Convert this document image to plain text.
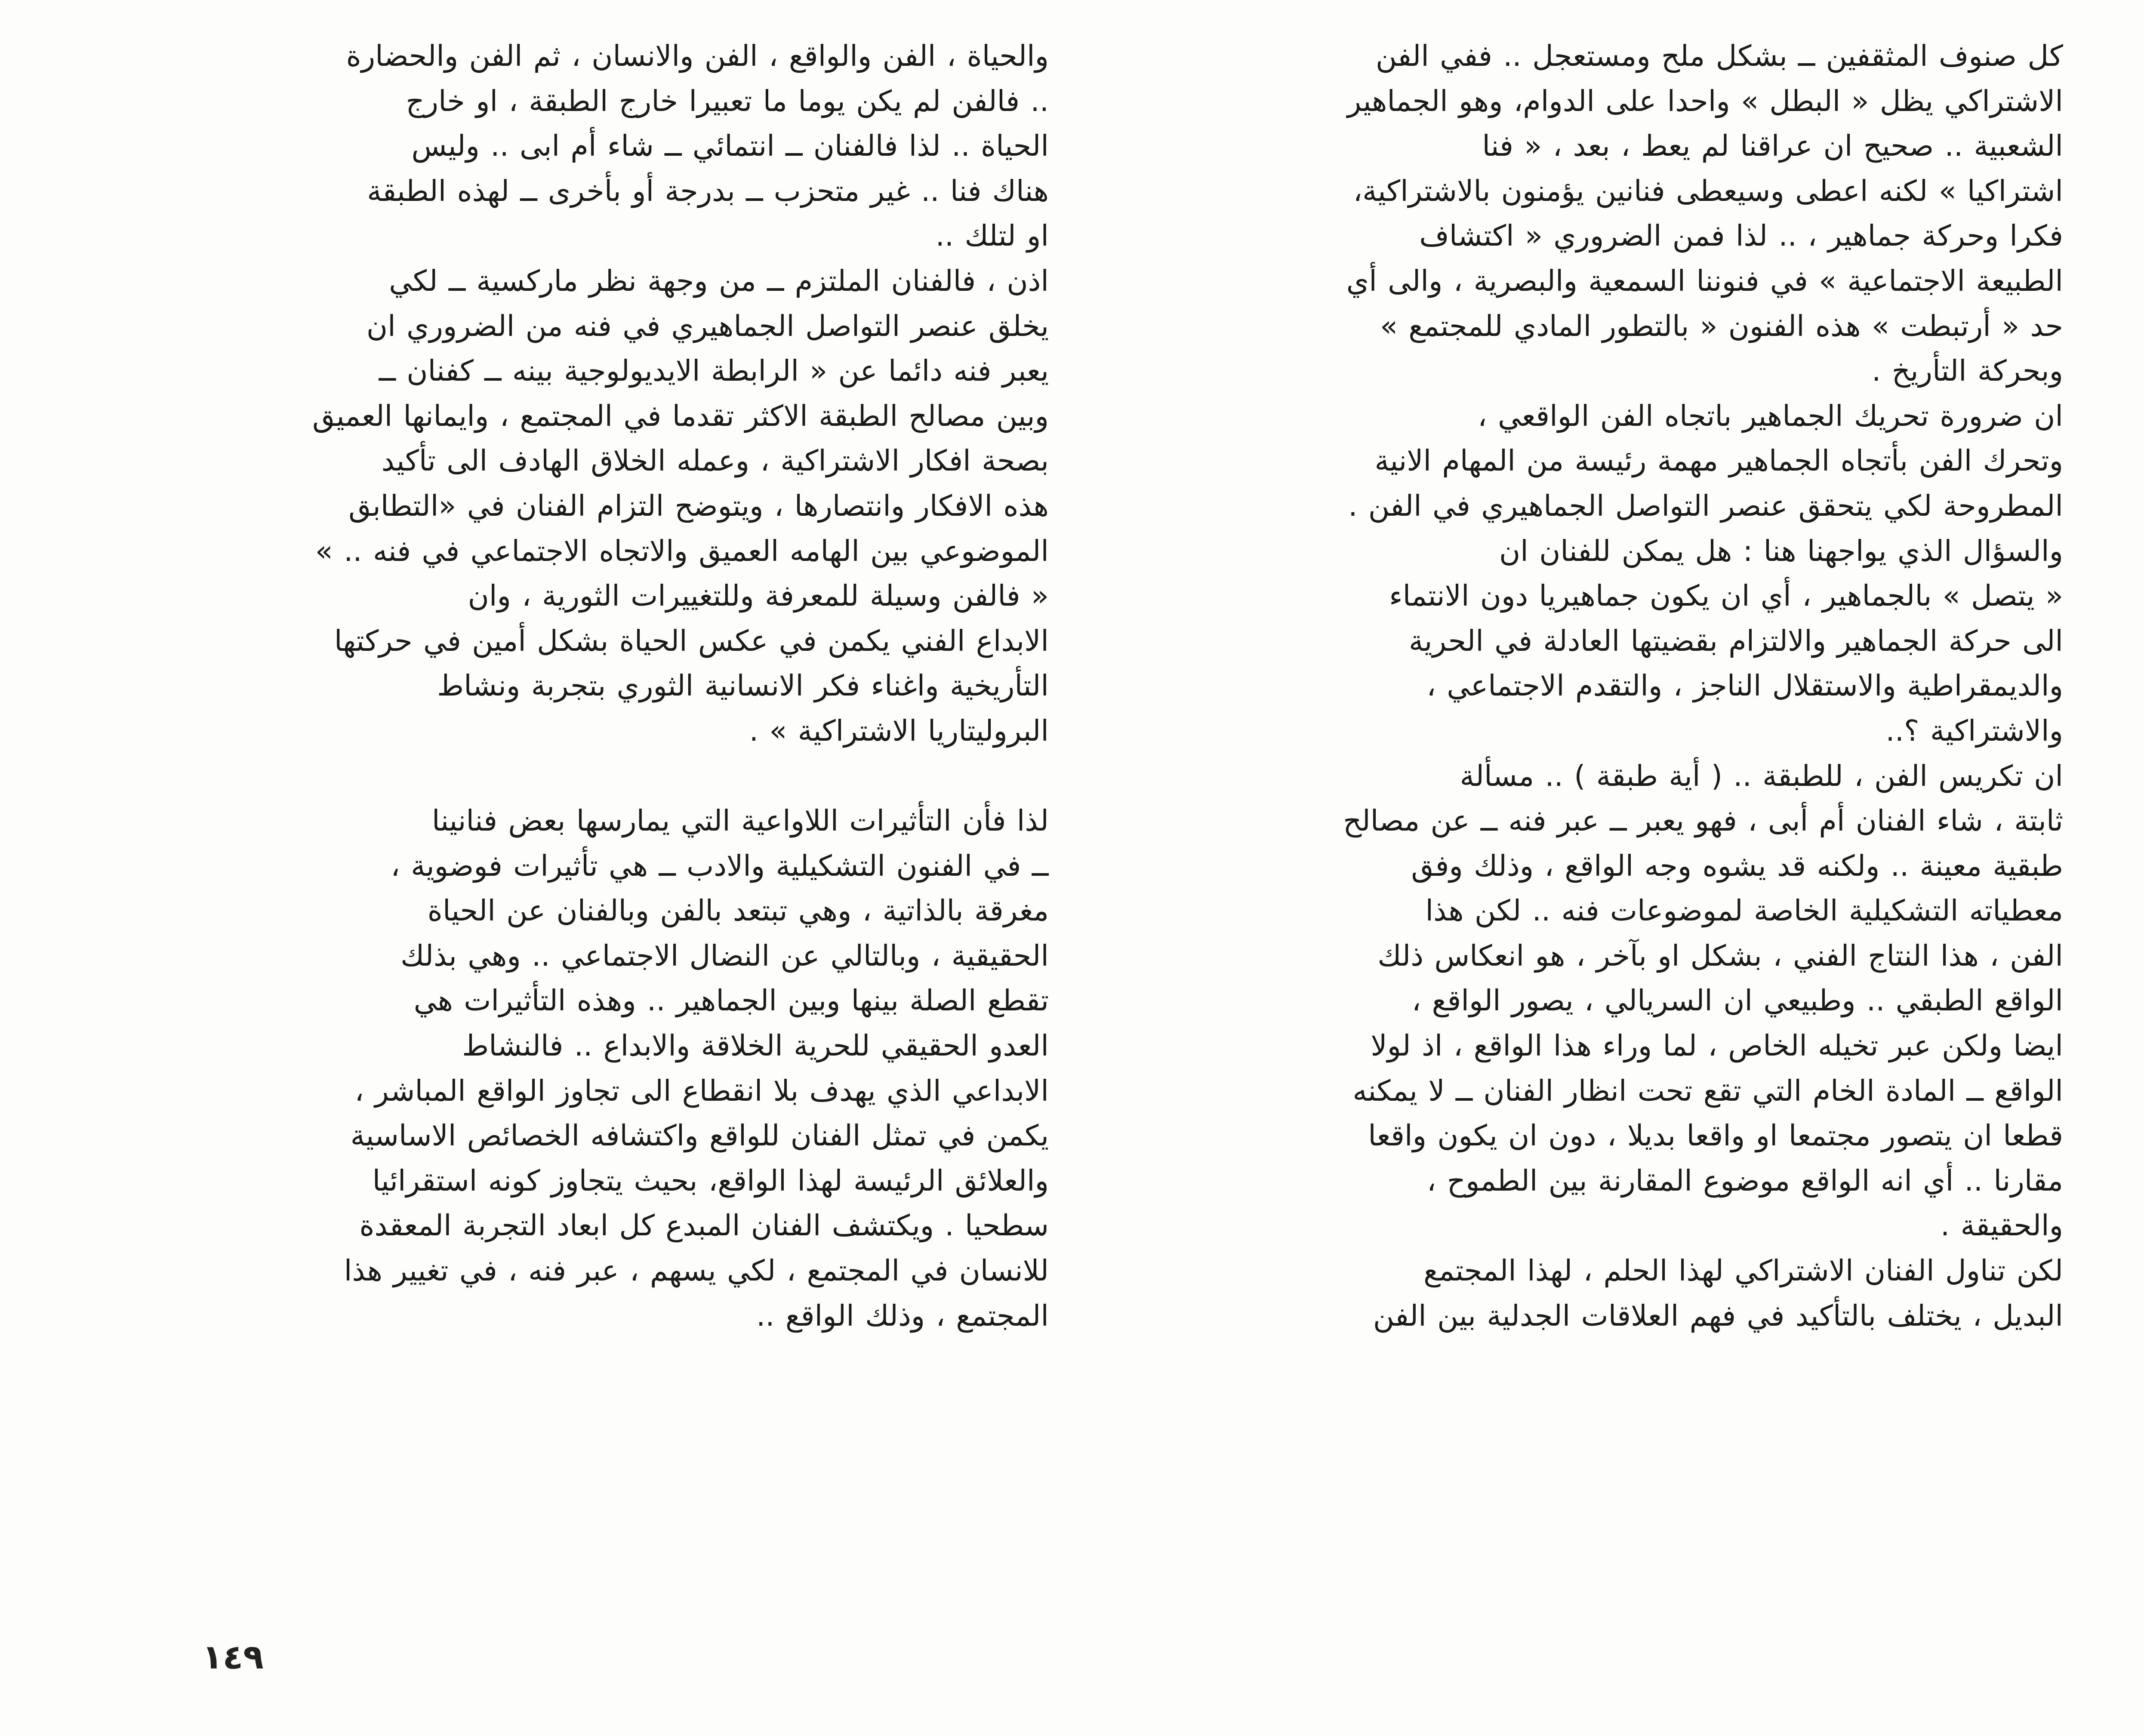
كل صنوف المثقفين ــ بشكل ملح ومستعجل .. ففي الفن
الاشتراكي يظل « البطل » واحدا على الدوام، وهو الجماهير
الشعبية .. صحيح ان عراقنا لم يعط ، بعد ، « فنا
اشتراكيا » لكنه اعطى وسيعطى فنانين يؤمنون بالاشتراكية،
فكرا وحركة جماهير ، .. لذا فمن الضروري « اكتشاف
الطبيعة الاجتماعية » في فنوننا السمعية والبصرية ، والى أي
حد « أرتبطت » هذه الفنون « بالتطور المادي للمجتمع »
وبحركة التأريخ .
ان ضرورة تحريك الجماهير باتجاه الفن الواقعي ،
وتحرك الفن بأتجاه الجماهير مهمة رئيسة من المهام الانية
المطروحة لكي يتحقق عنصر التواصل الجماهيري في الفن .
والسؤال الذي يواجهنا هنا : هل يمكن للفنان ان
« يتصل » بالجماهير ، أي ان يكون جماهيريا دون الانتماء
الى حركة الجماهير والالتزام بقضيتها العادلة في الحرية
والديمقراطية والاستقلال الناجز ، والتقدم الاجتماعي ،
والاشتراكية ؟..
ان تكريس الفن ، للطبقة .. ( أية طبقة ) .. مسألة
ثابتة ، شاء الفنان أم أبى ، فهو يعبر ــ عبر فنه ــ عن مصالح
طبقية معينة .. ولكنه قد يشوه وجه الواقع ، وذلك وفق
معطياته التشكيلية الخاصة لموضوعات فنه .. لكن هذا
الفن ، هذا النتاج الفني ، بشكل او بآخر ، هو انعكاس ذلك
الواقع الطبقي .. وطبيعي ان السريالي ، يصور الواقع ،
ايضا ولكن عبر تخيله الخاص ، لما وراء هذا الواقع ، اذ لولا
الواقع ــ المادة الخام التي تقع تحت انظار الفنان ــ لا يمكنه
قطعا ان يتصور مجتمعا او واقعا بديلا ، دون ان يكون واقعا
مقارنا .. أي انه الواقع موضوع المقارنة بين الطموح ،
والحقيقة .
لكن تناول الفنان الاشتراكي لهذا الحلم ، لهذا المجتمع
البديل ، يختلف بالتأكيد في فهم العلاقات الجدلية بين الفن
والحياة ، الفن والواقع ، الفن والانسان ، ثم الفن والحضارة
.. فالفن لم يكن يوما ما تعبيرا خارج الطبقة ، او خارج
الحياة .. لذا فالفنان ــ انتمائي ــ شاء أم ابى .. وليس
هناك فنا .. غير متحزب ــ بدرجة أو بأخرى ــ لهذه الطبقة
او لتلك ..
اذن ، فالفنان الملتزم ــ من وجهة نظر ماركسية ــ لكي
يخلق عنصر التواصل الجماهيري في فنه من الضروري ان
يعبر فنه دائما عن « الرابطة الايديولوجية بينه ــ كفنان ــ
وبين مصالح الطبقة الاكثر تقدما في المجتمع ، وايمانها العميق
بصحة افكار الاشتراكية ، وعمله الخلاق الهادف الى تأكيد
هذه الافكار وانتصارها ، ويتوضح التزام الفنان في «التطابق
الموضوعي بين الهامه العميق والاتجاه الاجتماعي في فنه .. »
« فالفن وسيلة للمعرفة وللتغييرات الثورية ، وان
الابداع الفني يكمن في عكس الحياة بشكل أمين في حركتها
التأريخية واغناء فكر الانسانية الثوري بتجربة ونشاط
البروليتاريا الاشتراكية » .
لذا فأن التأثيرات اللاواعية التي يمارسها بعض فنانينا
ــ في الفنون التشكيلية والادب ــ هي تأثيرات فوضوية ،
مغرقة بالذاتية ، وهي تبتعد بالفن وبالفنان عن الحياة
الحقيقية ، وبالتالي عن النضال الاجتماعي .. وهي بذلك
تقطع الصلة بينها وبين الجماهير .. وهذه التأثيرات هي
العدو الحقيقي للحرية الخلاقة والابداع .. فالنشاط
الابداعي الذي يهدف بلا انقطاع الى تجاوز الواقع المباشر ،
يكمن في تمثل الفنان للواقع واكتشافه الخصائص الاساسية
والعلائق الرئيسة لهذا الواقع، بحيث يتجاوز كونه استقرائيا
سطحيا . ويكتشف الفنان المبدع كل ابعاد التجربة المعقدة
للانسان في المجتمع ، لكي يسهم ، عبر فنه ، في تغيير هذا
المجتمع ، وذلك الواقع ..
١٤٩
